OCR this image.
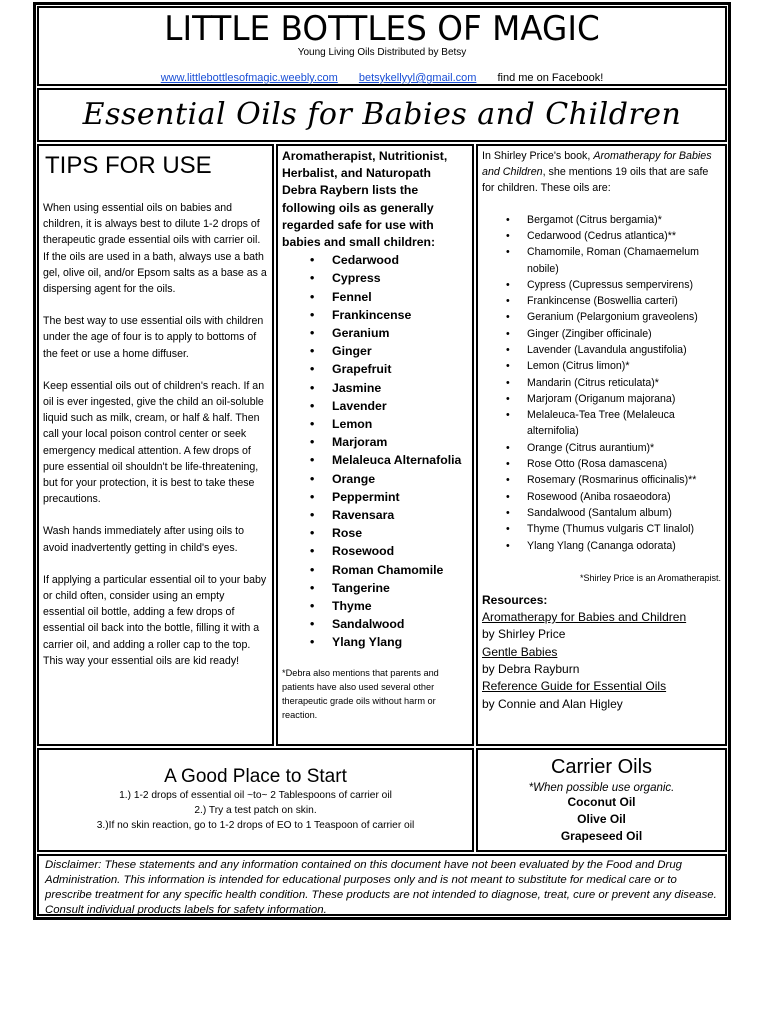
LITTLE BOTTLES OF MAGIC
Young Living Oils Distributed by Betsy
www.littlebottlesofmagic.weebly.com betsykellyyl@gmail.com find me on Facebook!
Essential Oils for Babies and Children
TIPS FOR USE

When using essential oils on babies and children, it is always best to dilute 1-2 drops of therapeutic grade essential oils with carrier oil. If the oils are used in a bath, always use a bath gel, olive oil, and/or Epsom salts as a base as a dispersing agent for the oils.

The best way to use essential oils with children under the age of four is to apply to bottoms of the feet or use a home diffuser.

Keep essential oils out of children's reach. If an oil is ever ingested, give the child an oil-soluble liquid such as milk, cream, or half & half. Then call your local poison control center or seek emergency medical attention. A few drops of pure essential oil shouldn't be life-threatening, but for your protection, it is best to take these precautions.

Wash hands immediately after using oils to avoid inadvertently getting in child's eyes.

If applying a particular essential oil to your baby or child often, consider using an empty essential oil bottle, adding a few drops of essential oil back into the bottle, filling it with a carrier oil, and adding a roller cap to the top. This way your essential oils are kid ready!

Aromatherapist, Nutritionist, Herbalist, and Naturopath Debra Raybern lists the following oils as generally regarded safe for use with babies and small children:
• Cedarwood
• Cypress
• Fennel
• Frankincense
• Geranium
• Ginger
• Grapefruit
• Jasmine
• Lavender
• Lemon
• Marjoram
• Melaleuca Alternafolia
• Orange
• Peppermint
• Ravensara
• Rose
• Rosewood
• Roman Chamomile
• Tangerine
• Thyme
• Sandalwood
• Ylang Ylang
*Debra also mentions that parents and patients have also used several other therapeutic grade oils without harm or reaction.
In Shirley Price's book, Aromatherapy for Babies and Children, she mentions 19 oils that are safe for children. These oils are:
• Bergamot (Citrus bergamia)*
• Cedarwood (Cedrus atlantica)**
• Chamomile, Roman (Chamaemelum nobile)
• Cypress (Cupressus sempervirens)
• Frankincense (Boswellia carteri)
• Geranium (Pelargonium graveolens)
• Ginger (Zingiber officinale)
• Lavender (Lavandula angustifolia)
• Lemon (Citrus limon)*
• Mandarin (Citrus reticulata)*
• Marjoram (Origanum majorana)
• Melaleuca-Tea Tree (Melaleuca alternifolia)
• Orange (Citrus aurantium)*
• Rose Otto (Rosa damascena)
• Rosemary (Rosmarinus officinalis)**
• Rosewood (Aniba rosaeodora)
• Sandalwood (Santalum album)
• Thyme (Thumus vulgaris CT linalol)
• Ylang Ylang (Cananga odorata)
*Shirley Price is an Aromatherapist.
Resources:
Aromatherapy for Babies and Children
by Shirley Price
Gentle Babies
by Debra Rayburn
Reference Guide for Essential Oils
by Connie and Alan Higley
A Good Place to Start
1.) 1-2 drops of essential oil ~to~ 2 Tablespoons of carrier oil
2.) Try a test patch on skin.
3.)If no skin reaction, go to 1-2 drops of EO to 1 Teaspoon of carrier oil
Carrier Oils
*When possible use organic.
Coconut Oil
Olive Oil
Grapeseed Oil
Disclaimer: These statements and any information contained on this document have not been evaluated by the Food and Drug Administration. This information is intended for educational purposes only and is not meant to substitute for medical care or to prescribe treatment for any specific health condition. These products are not intended to diagnose, treat, cure or prevent any disease. Consult individual products labels for safety information.
